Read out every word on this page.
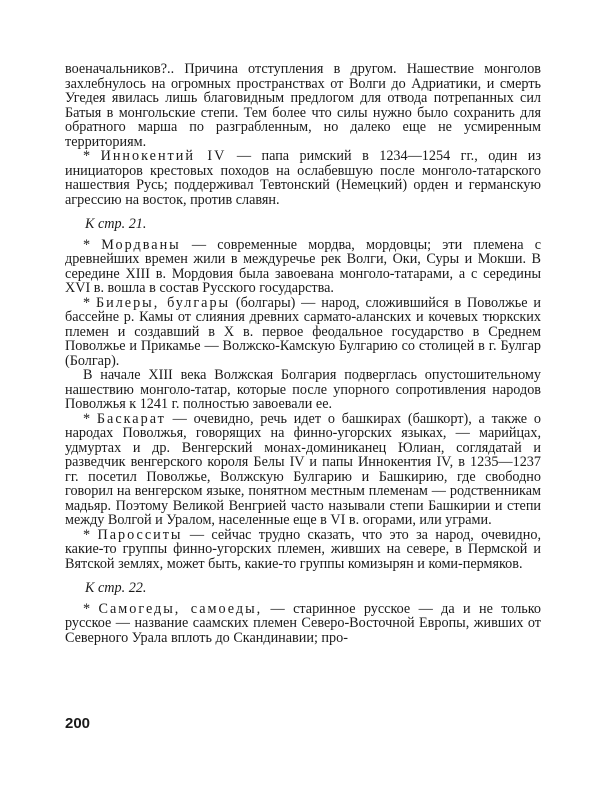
военачальников?.. Причина отступления в другом. Нашествие монголов захлебнулось на огромных пространствах от Волги до Адриатики, и смерть Угедея явилась лишь благовидным предлогом для отвода потрепанных сил Батыя в монгольские степи. Тем более что силы нужно было сохранить для обратного марша по разграбленным, но далеко еще не усмиренным территориям.

* Иннокентий IV — папа римский в 1234—1254 гг., один из инициаторов крестовых походов на ослабевшую после монголо-татарского нашествия Русь; поддерживал Тевтонский (Немецкий) орден и германскую агрессию на восток, против славян.

К стр. 21.

* Мордваны — современные мордва, мордовцы; эти племена с древнейших времен жили в междуречье рек Волги, Оки, Суры и Мокши. В середине XIII в. Мордовия была завоевана монголо-татарами, а с середины XVI в. вошла в состав Русского государства.

* Билеры, булгары (болгары) — народ, сложившийся в Поволжье и бассейне р. Камы от слияния древних сармато-аланских и кочевых тюркских племен и создавший в X в. первое феодальное государство в Среднем Поволжье и Прикамье — Волжско-Камскую Булгарию со столицей в г. Булгар (Болгар).

В начале XIII века Волжская Болгария подверглась опустошительному нашествию монголо-татар, которые после упорного сопротивления народов Поволжья к 1241 г. полностью завоевали ее.

* Баскарат — очевидно, речь идет о башкирах (башкорт), а также о народах Поволжья, говорящих на финно-угорских языках, — марийцах, удмуртах и др. Венгерский монах-доминиканец Юлиан, соглядатай и разведчик венгерского короля Белы IV и папы Иннокентия IV, в 1235—1237 гг. посетил Поволжье, Волжскую Булгарию и Башкирию, где свободно говорил на венгерском языке, понятном местным племенам — родственникам мадьяр. Поэтому Великой Венгрией часто называли степи Башкирии и степи между Волгой и Уралом, населенные еще в VI в. огорами, или уграми.

* Паросситы — сейчас трудно сказать, что это за народ, очевидно, какие-то группы финно-угорских племен, живших на севере, в Пермской и Вятской землях, может быть, какие-то группы комизырян и коми-пермяков.

К стр. 22.

* Самогеды, самоеды, — старинное русское — да и не только русское — название саамских племен Северо-Восточной Европы, живших от Северного Урала вплоть до Скандинавии; про-

200
